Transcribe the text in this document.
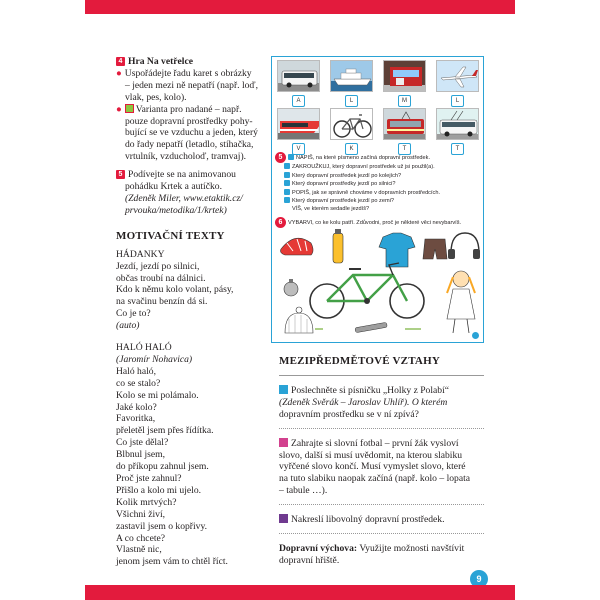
4 Hra Na vetřelce

● Uspořádejte řadu karet s obrázky

– jeden mezi ně nepatří (např. loď,

vlak, pes, kolo).

● Varianta pro nadané – např.

pouze dopravní prostředky pohy-

bující se ve vzduchu a jeden, který

do řady nepatří (letadlo, stíhačka,

vrtulník, vzducholoď, tramvaj).

5 Podívejte se na animovanou

pohádku Krtek a autíčko.

(Zdeněk Miler, www.etaktik.cz/

prvouka/metodika/1/krtek)

MOTIVAČNÍ TEXTY

HÁDANKY

Jezdí, jezdí po silnici,

občas troubí na dálnici.

Kdo k němu kolo volant, pásy,

na svačinu benzín dá si.

Co je to?

(auto)

HALÓ HALÓ

(Jaromír Nohavica)

Haló haló,

co se stalo?

Kolo se mi polámalo.

Jaké kolo?

Favoritka,

přeletěl jsem přes řídítka.

Co jste dělal?

Blbnul jsem,

do příkopu zahnul jsem.

Proč jste zahnul?

Přišlo a kolo mi ujelo.

Kolik mrtvých?

Všichni živí,

zastavil jsem o kopřivy.

A co chcete?

Vlastně nic,

jenom jsem vám to chtěl říct.

A	L	M	L
V	K	T	T

5 NAPIŠ, na které písmeno začíná dopravní prostředek.

ZAKROUŽKUJ, který dopravní prostředek už jsi použil(a).

Který dopravní prostředek jezdí po kolejích?

Který dopravní prostředky jezdí po silnici?

POPIŠ, jak se správně chováme v dopravních prostředcích.

Který dopravní prostředek jezdí po zemi?

VÍŠ, ve kterém sedadle jezdíš?

6 VYBARVI, co ke kolu patří. Zdůvodni, proč je některé věci nevybarvíš.

MEZIPŘEDMĚTOVÉ VZTAHY

Poslechněte si písničku „Holky z Polabí“

(Zdeněk Svěrák – Jaroslav Uhlíř). O kterém

dopravním prostředku se v ní zpívá?

Zahrajte si slovní fotbal – první žák vysloví

slovo, další si musí uvědomit, na kterou slabiku

vyřčené slovo končí. Musí vymyslet slovo, které

na tuto slabiku naopak začíná (např. kolo – lopata

– tabule …).

Nakreslí libovolný dopravní prostředek.

Dopravní výchova: Využijte možnosti navštívit

dopravní hřiště.

9
